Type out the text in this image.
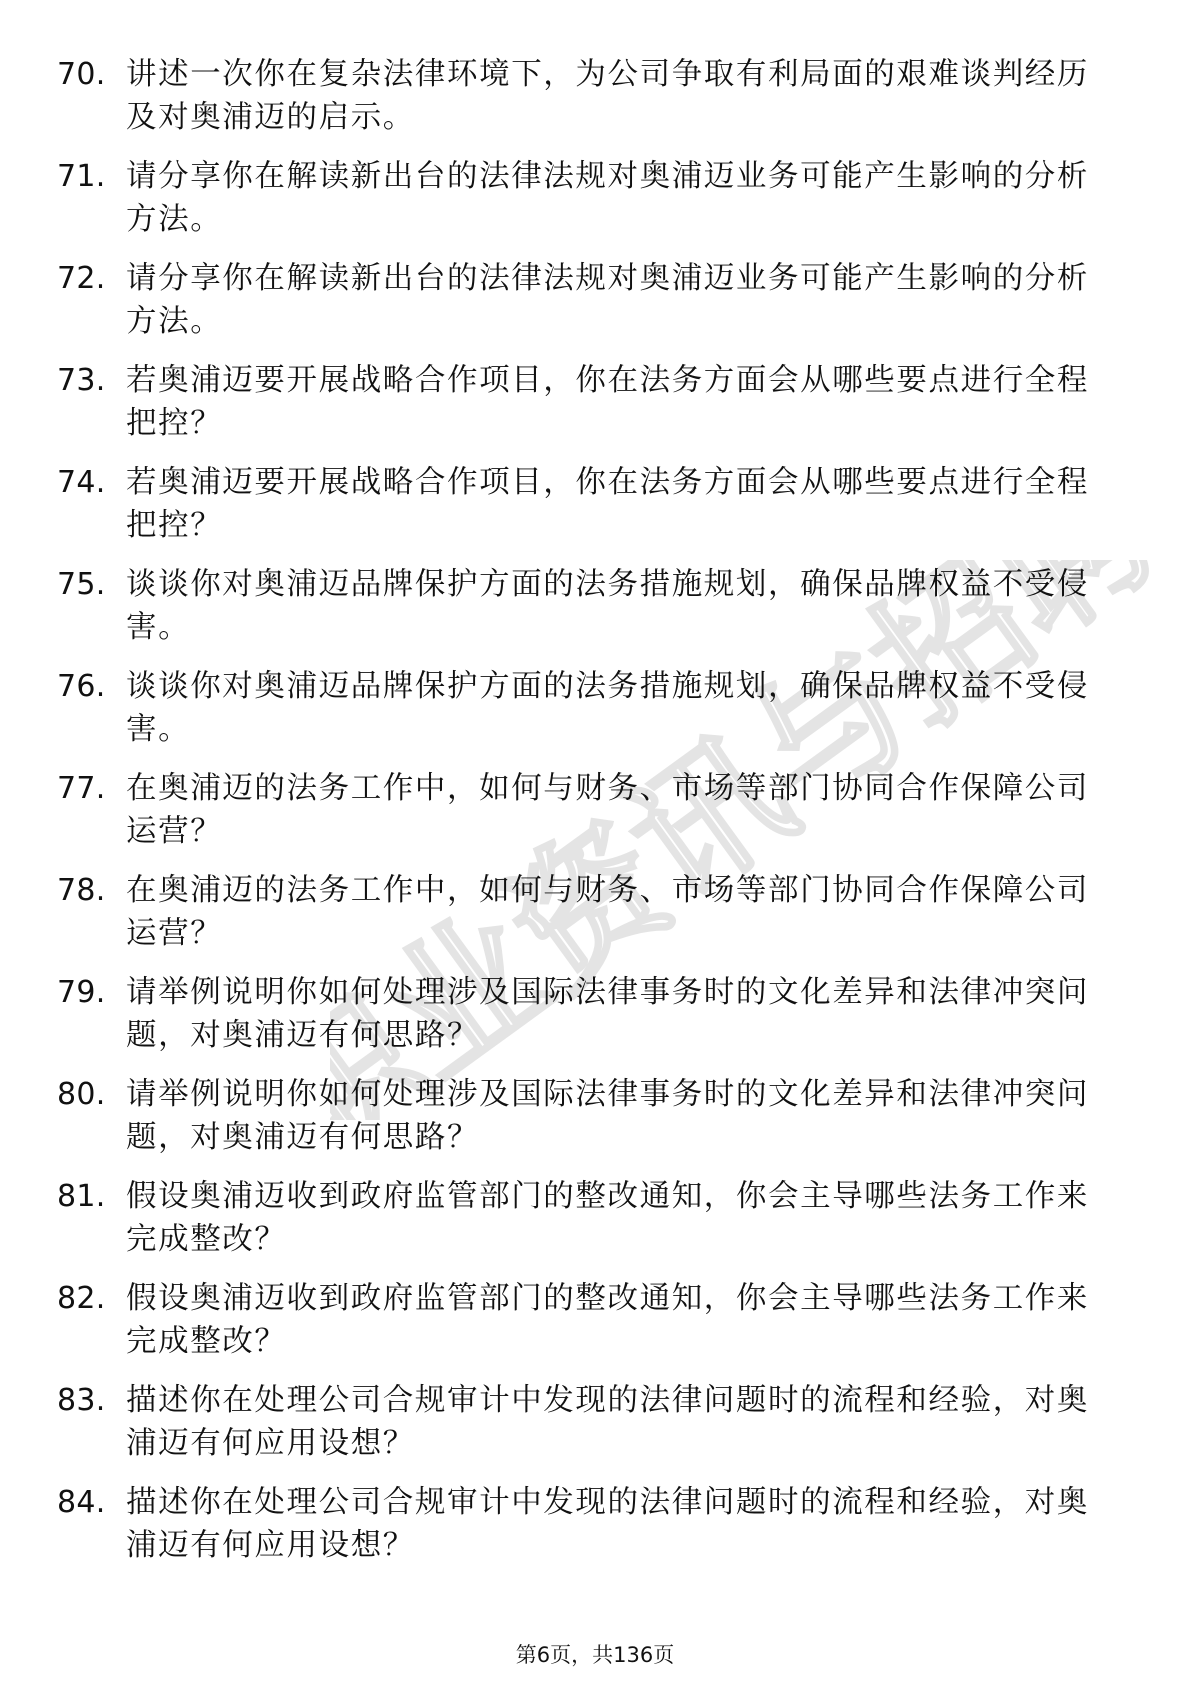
职业资讯与招聘
70. 讲述一次你在复杂法律环境下，为公司争取有利局面的艰难谈判经历及对奥浦迈的启示。
71. 请分享你在解读新出台的法律法规对奥浦迈业务可能产生影响的分析方法。
72. 请分享你在解读新出台的法律法规对奥浦迈业务可能产生影响的分析方法。
73. 若奥浦迈要开展战略合作项目，你在法务方面会从哪些要点进行全程把控？
74. 若奥浦迈要开展战略合作项目，你在法务方面会从哪些要点进行全程把控？
75. 谈谈你对奥浦迈品牌保护方面的法务措施规划，确保品牌权益不受侵害。
76. 谈谈你对奥浦迈品牌保护方面的法务措施规划，确保品牌权益不受侵害。
77. 在奥浦迈的法务工作中，如何与财务、市场等部门协同合作保障公司运营？
78. 在奥浦迈的法务工作中，如何与财务、市场等部门协同合作保障公司运营？
79. 请举例说明你如何处理涉及国际法律事务时的文化差异和法律冲突问题，对奥浦迈有何思路？
80. 请举例说明你如何处理涉及国际法律事务时的文化差异和法律冲突问题，对奥浦迈有何思路？
81. 假设奥浦迈收到政府监管部门的整改通知，你会主导哪些法务工作来完成整改？
82. 假设奥浦迈收到政府监管部门的整改通知，你会主导哪些法务工作来完成整改？
83. 描述你在处理公司合规审计中发现的法律问题时的流程和经验，对奥浦迈有何应用设想？
84. 描述你在处理公司合规审计中发现的法律问题时的流程和经验，对奥浦迈有何应用设想？
第6页，共136页
